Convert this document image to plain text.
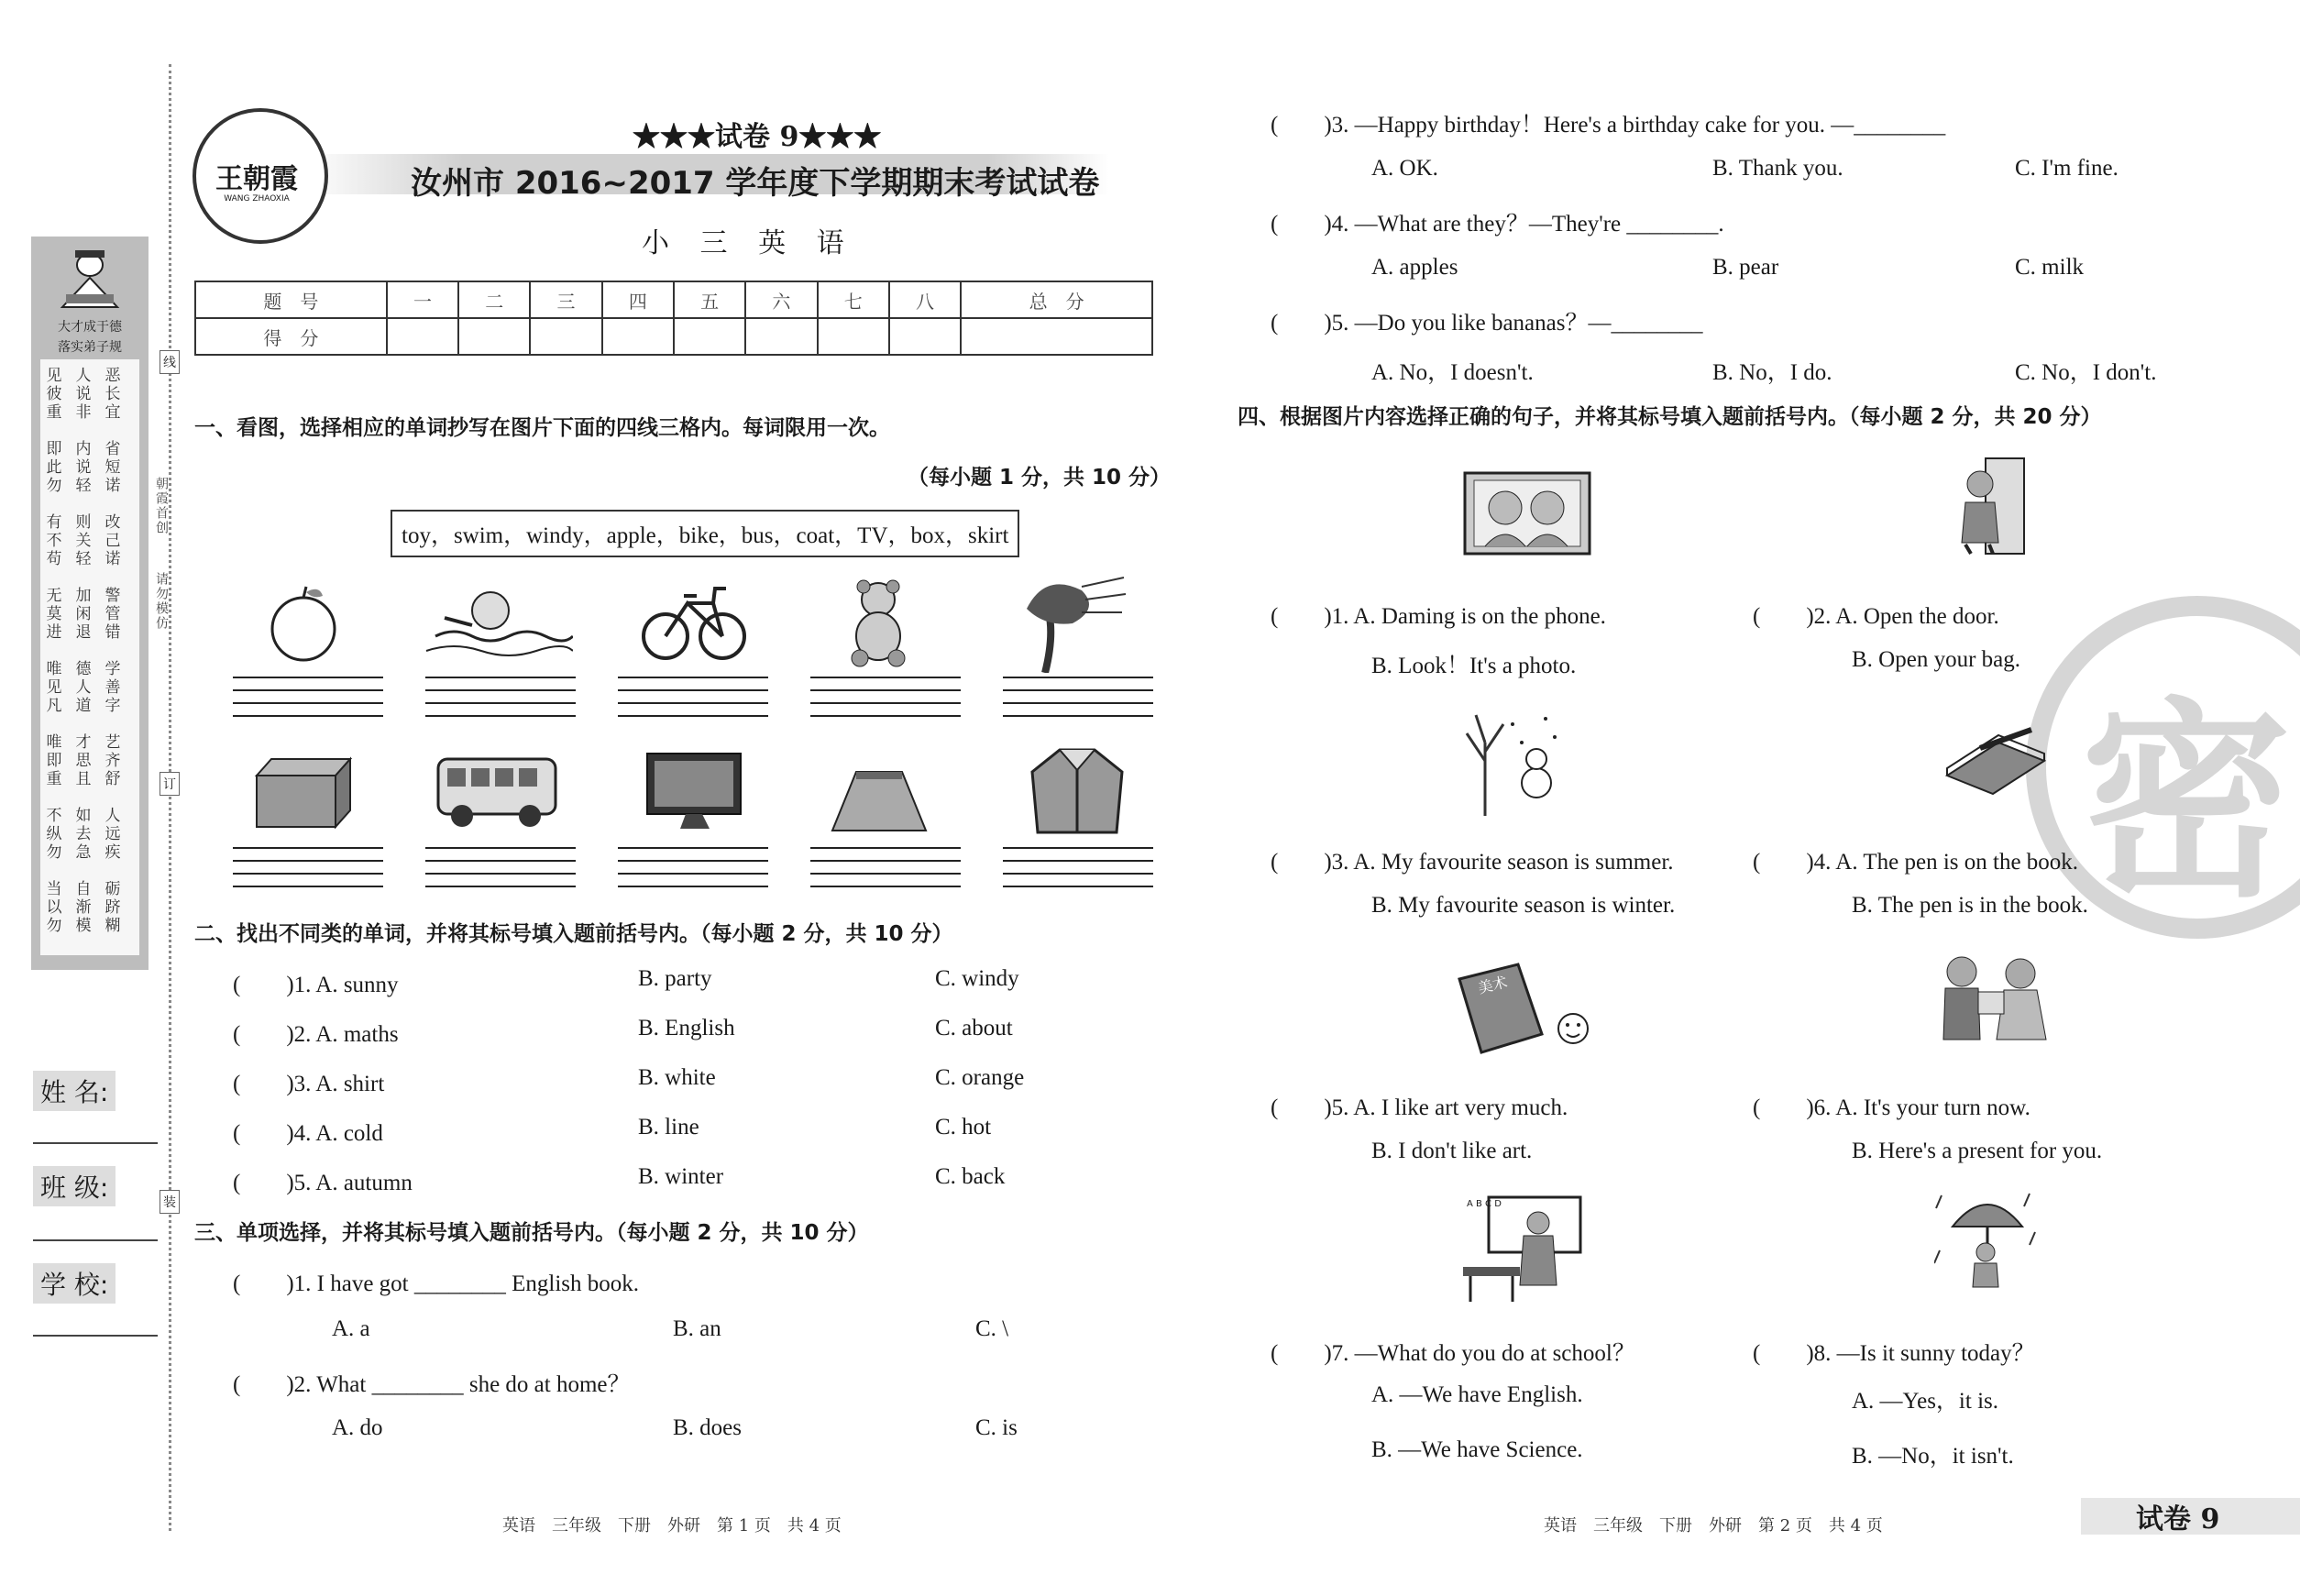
大才成于德
落实弟子规
见
彼
重
人
说
非
恶
长
宜
即
此
勿
内
说
轻
省
短
诺
有
不
苟
则
关
轻
改
己
诺
无
莫
进
加
闲
退
警
管
错
唯
见
凡
德
人
道
学
善
字
唯
即
重
才
思
且
艺
齐
舒
不
纵
勿
如
去
急
人
远
疾
当
以
勿
自
渐
模
砺
跻
糊
朝霞首创
请勿模仿
线
订
装
姓 名:
班 级:
学 校:
王朝霞
WANG ZHAOXIA
★★★试卷 9★★★
汝州市 2016~2017 学年度下学期期末考试试卷
小 三 英 语
题　号	一	二	三	四	五	六	七	八	总　分
得　分									
一、看图，选择相应的单词抄写在图片下面的四线三格内。每词限用一次。
（每小题 1 分，共 10 分）
toy，swim，windy，apple，bike，bus，coat，TV，box，skirt
二、找出不同类的单词，并将其标号填入题前括号内。（每小题 2 分，共 10 分）
(　　)1. A. sunny	B. party	C. windy
(　　)2. A. maths	B. English	C. about
(　　)3. A. shirt	B. white	C. orange
(　　)4. A. cold	B. line	C. hot
(　　)5. A. autumn	B. winter	C. back
三、单项选择，并将其标号填入题前括号内。（每小题 2 分，共 10 分）
(　　)1. I have got ________ English book.
A. a	B. an	C. \
(　　)2. What ________ she do at home？
A. do	B. does	C. is
英语　三年级　下册　外研　第 1 页　共 4 页
密
(　　)3. —Happy birthday！Here's a birthday cake for you. —________
A. OK.	B. Thank you.	C. I'm fine.
(　　)4. —What are they？—They're ________.
A. apples	B. pear	C. milk
(　　)5. —Do you like bananas？—________
A. No，I doesn't.	B. No，I do.	C. No，I don't.
四、根据图片内容选择正确的句子，并将其标号填入题前括号内。（每小题 2 分，共 20 分）
美术
A B C D
(　　)1. A. Daming is on the phone.
B. Look！It's a photo.
(　　)2. A. Open the door.
B. Open your bag.
(　　)3. A. My favourite season is summer.
B. My favourite season is winter.
(　　)4. A. The pen is on the book.
B. The pen is in the book.
(　　)5. A. I like art very much.
B. I don't like art.
(　　)6. A. It's your turn now.
B. Here's a present for you.
(　　)7. —What do you do at school？
A. —We have English.
B. —We have Science.
(　　)8. —Is it sunny today？
A. —Yes，it is.
B. —No，it isn't.
英语　三年级　下册　外研　第 2 页　共 4 页	试卷 9
